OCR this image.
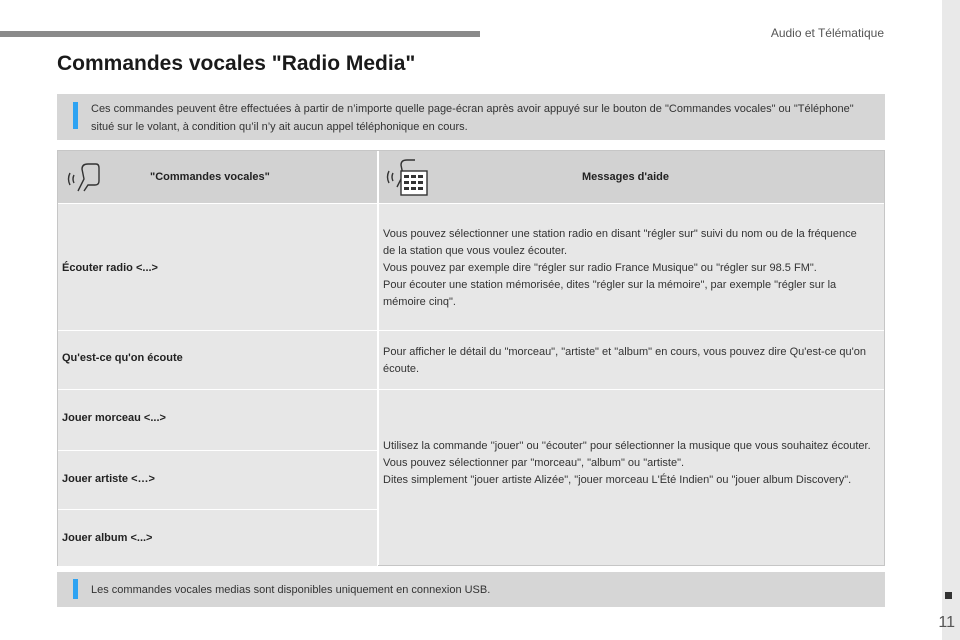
Audio et Télématique
11
Commandes vocales "Radio Media"
Ces commandes peuvent être effectuées à partir de n’importe quelle page-écran après avoir appuyé sur le bouton de "Commandes vocales" ou "Téléphone" situé sur le volant, à condition qu’il n’y ait aucun appel téléphonique en cours.
"Commandes vocales"	Messages d'aide
Écouter radio <...>
Vous pouvez sélectionner une station radio en disant "régler sur" suivi du nom ou de la fréquence de la station que vous voulez écouter.
Vous pouvez par exemple dire "régler sur radio France Musique" ou "régler sur 98.5 FM".
Pour écouter une station mémorisée, dites "régler sur la mémoire", par exemple "régler sur la mémoire cinq".
Qu'est-ce qu'on écoute	Pour afficher le détail du "morceau", "artiste" et "album" en cours, vous pouvez dire Qu'est-ce qu'on écoute.
Jouer morceau <...>
Jouer artiste <…>
Jouer album <...>
Utilisez la commande ''jouer'' ou ''écouter'' pour sélectionner la musique que vous souhaitez écouter.
Vous pouvez sélectionner par "morceau", "album" ou "artiste".
Dites simplement "jouer artiste Alizée", "jouer morceau L'Été Indien" ou "jouer album Discovery".
Les commandes vocales medias sont disponibles uniquement en connexion USB.
